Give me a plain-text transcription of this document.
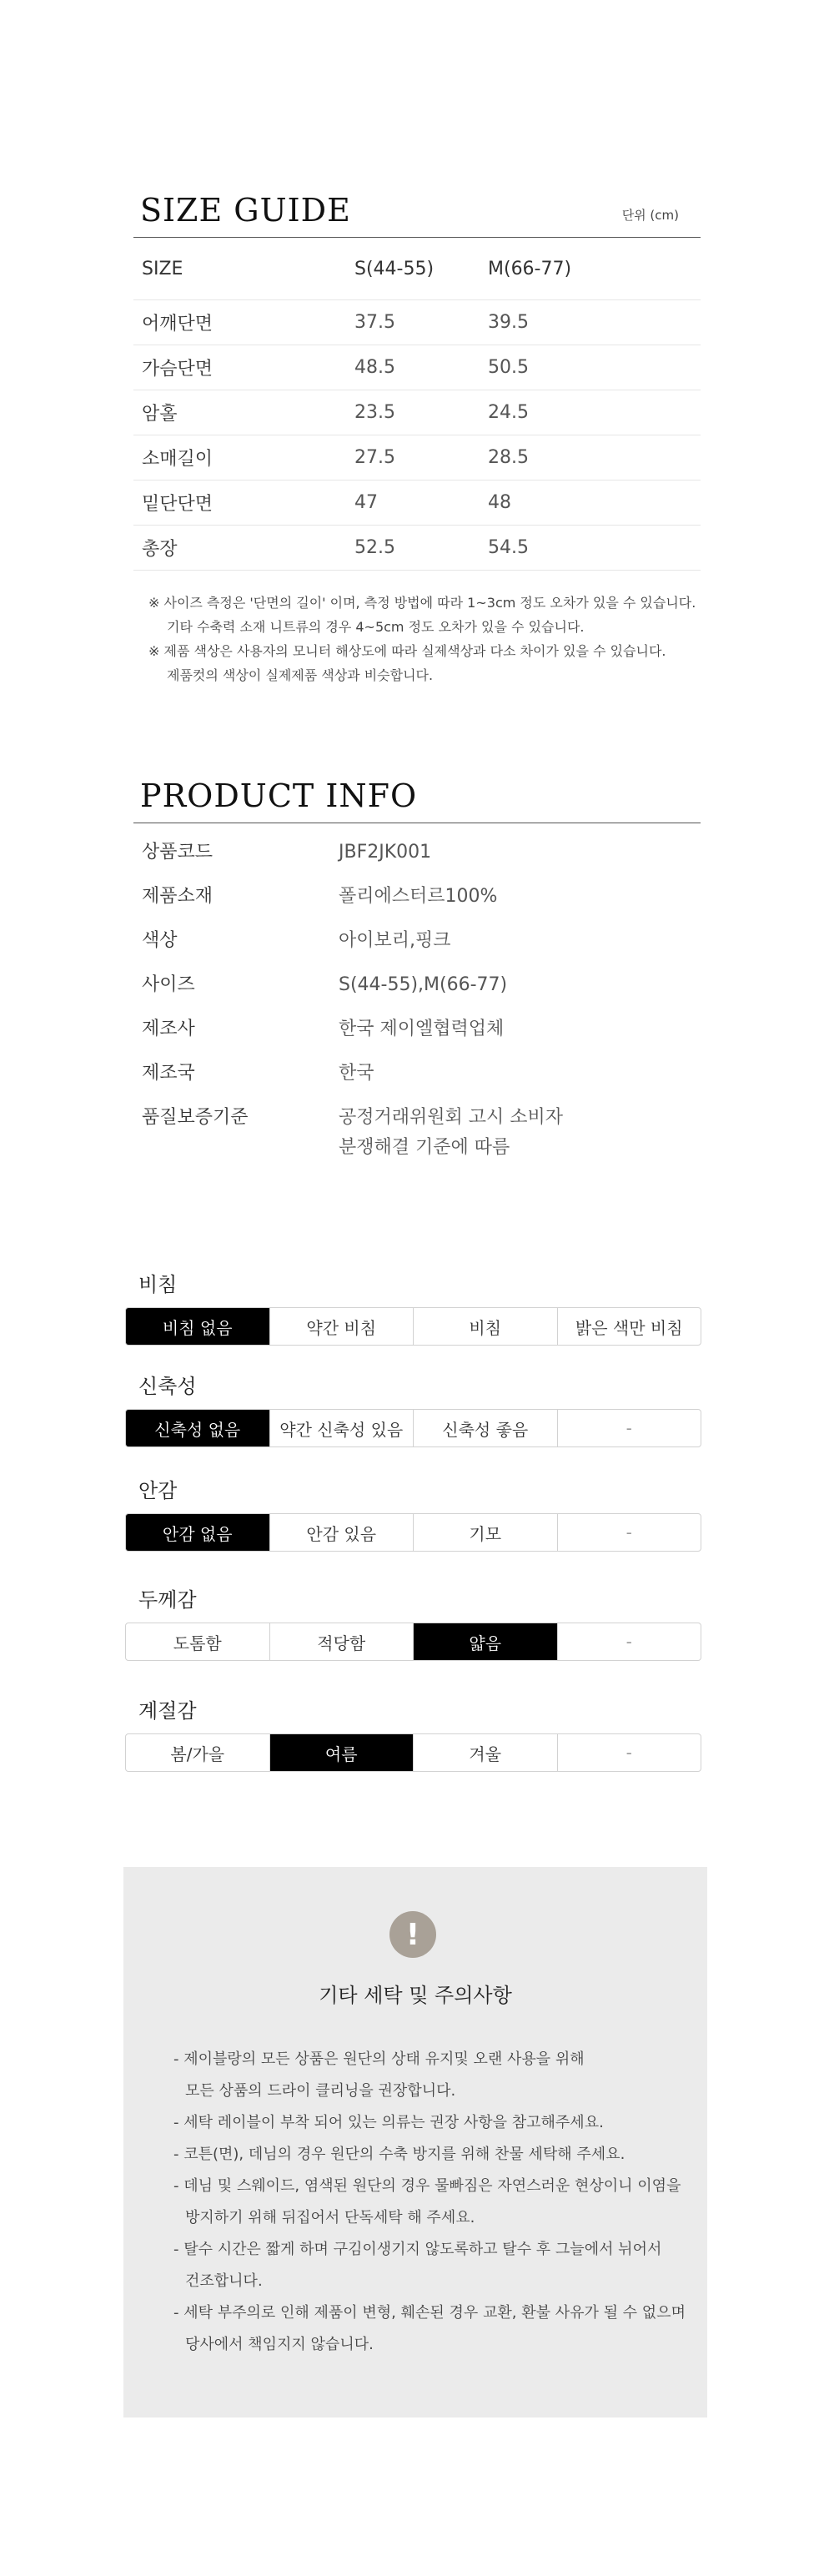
SIZE GUIDE	단위 (cm)
SIZE	S(44-55)	M(66-77)
어깨단면	37.5	39.5
가슴단면	48.5	50.5
암홀	23.5	24.5
소매길이	27.5	28.5
밑단단면	47	48
총장	52.5	54.5
※ 사이즈 측정은 '단면의 길이' 이며, 측정 방법에 따라 1~3cm 정도 오차가 있을 수 있습니다.
기타 수축력 소재 니트류의 경우 4~5cm 정도 오차가 있을 수 있습니다.
※ 제품 색상은 사용자의 모니터 해상도에 따라 실제색상과 다소 차이가 있을 수 있습니다.
제품컷의 색상이 실제제품 색상과 비슷합니다.
PRODUCT INFO
상품코드	JBF2JK001
제품소재	폴리에스터르100%
색상	아이보리,핑크
사이즈	S(44-55),M(66-77)
제조사	한국 제이엘협력업체
제조국	한국
품질보증기준	공정거래위원회 고시 소비자
분쟁해결 기준에 따름
비침
비침 없음	약간 비침	비침	밝은 색만 비침
신축성
신축성 없음	약간 신축성 있음	신축성 좋음	-
안감
안감 없음	안감 있음	기모	-
두께감
도톰함	적당함	얇음	-
계절감
봄/가을	여름	겨울	-
!
기타 세탁 및 주의사항
- 제이블랑의 모든 상품은 원단의 상태 유지및 오랜 사용을 위해
모든 상품의 드라이 클리닝을 권장합니다.
- 세탁 레이블이 부착 되어 있는 의류는 권장 사항을 참고해주세요.
- 코튼(면), 데님의 경우 원단의 수축 방지를 위해 찬물 세탁해 주세요.
- 데님 및 스웨이드, 염색된 원단의 경우 물빠짐은 자연스러운 현상이니 이염을
방지하기 위해 뒤집어서 단독세탁 해 주세요.
- 탈수 시간은 짧게 하며 구김이생기지 않도록하고 탈수 후 그늘에서 뉘어서
건조합니다.
- 세탁 부주의로 인해 제품이 변형, 훼손된 경우 교환, 환불 사유가 될 수 없으며
당사에서 책임지지 않습니다.
